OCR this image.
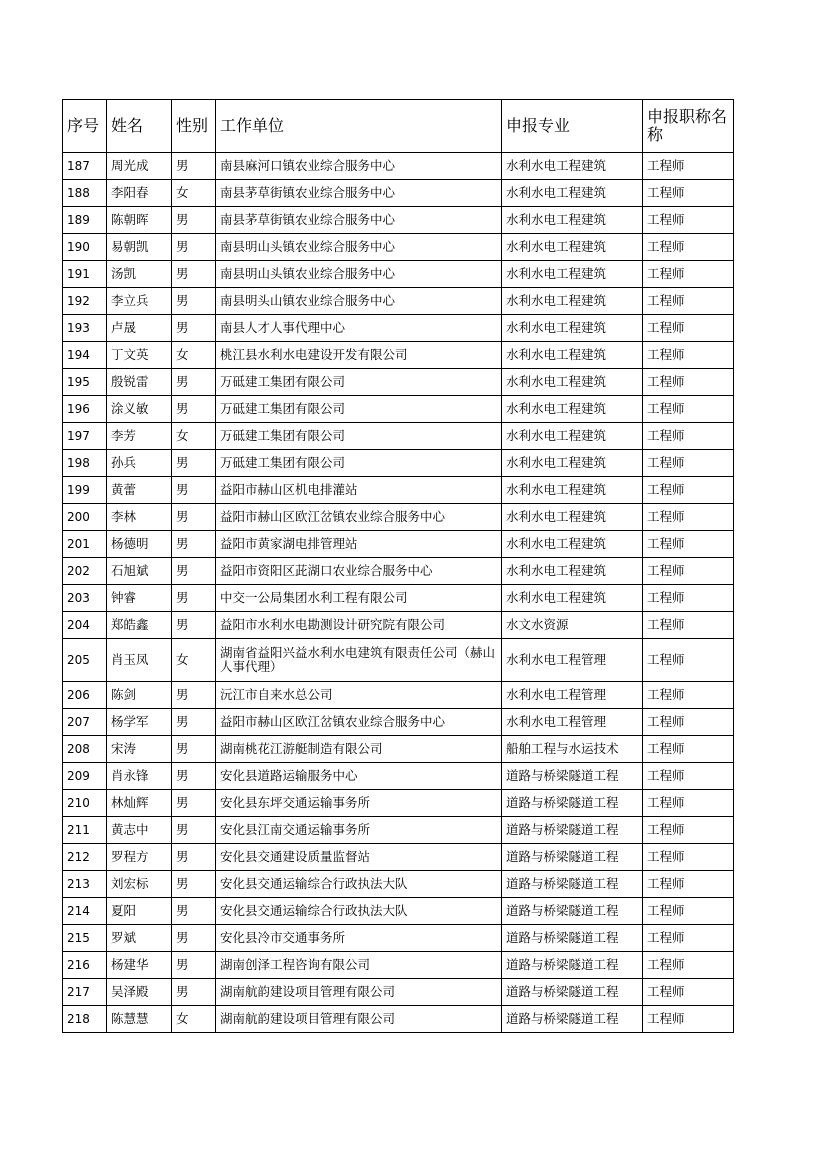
序号	姓名	性别	工作单位	申报专业	申报职称名称
187	周光成	男	南县麻河口镇农业综合服务中心	水利水电工程建筑	工程师
188	李阳春	女	南县茅草街镇农业综合服务中心	水利水电工程建筑	工程师
189	陈朝晖	男	南县茅草街镇农业综合服务中心	水利水电工程建筑	工程师
190	易朝凯	男	南县明山头镇农业综合服务中心	水利水电工程建筑	工程师
191	汤凯	男	南县明山头镇农业综合服务中心	水利水电工程建筑	工程师
192	李立兵	男	南县明头山镇农业综合服务中心	水利水电工程建筑	工程师
193	卢晟	男	南县人才人事代理中心	水利水电工程建筑	工程师
194	丁文英	女	桃江县水利水电建设开发有限公司	水利水电工程建筑	工程师
195	殷锐雷	男	万砥建工集团有限公司	水利水电工程建筑	工程师
196	涂义敏	男	万砥建工集团有限公司	水利水电工程建筑	工程师
197	李芳	女	万砥建工集团有限公司	水利水电工程建筑	工程师
198	孙兵	男	万砥建工集团有限公司	水利水电工程建筑	工程师
199	黄蕾	男	益阳市赫山区机电排灌站	水利水电工程建筑	工程师
200	李林	男	益阳市赫山区欧江岔镇农业综合服务中心	水利水电工程建筑	工程师
201	杨德明	男	益阳市黄家湖电排管理站	水利水电工程建筑	工程师
202	石旭斌	男	益阳市资阳区茈湖口农业综合服务中心	水利水电工程建筑	工程师
203	钟睿	男	中交一公局集团水利工程有限公司	水利水电工程建筑	工程师
204	郑皓鑫	男	益阳市水利水电勘测设计研究院有限公司	水文水资源	工程师
205	肖玉凤	女	湖南省益阳兴益水利水电建筑有限责任公司（赫山人事代理）	水利水电工程管理	工程师
206	陈剑	男	沅江市自来水总公司	水利水电工程管理	工程师
207	杨学军	男	益阳市赫山区欧江岔镇农业综合服务中心	水利水电工程管理	工程师
208	宋涛	男	湖南桃花江游艇制造有限公司	船舶工程与水运技术	工程师
209	肖永锋	男	安化县道路运输服务中心	道路与桥梁隧道工程	工程师
210	林灿辉	男	安化县东坪交通运输事务所	道路与桥梁隧道工程	工程师
211	黄志中	男	安化县江南交通运输事务所	道路与桥梁隧道工程	工程师
212	罗程方	男	安化县交通建设质量监督站	道路与桥梁隧道工程	工程师
213	刘宏标	男	安化县交通运输综合行政执法大队	道路与桥梁隧道工程	工程师
214	夏阳	男	安化县交通运输综合行政执法大队	道路与桥梁隧道工程	工程师
215	罗斌	男	安化县冷市交通事务所	道路与桥梁隧道工程	工程师
216	杨建华	男	湖南创泽工程咨询有限公司	道路与桥梁隧道工程	工程师
217	吴泽殿	男	湖南航韵建设项目管理有限公司	道路与桥梁隧道工程	工程师
218	陈慧慧	女	湖南航韵建设项目管理有限公司	道路与桥梁隧道工程	工程师
